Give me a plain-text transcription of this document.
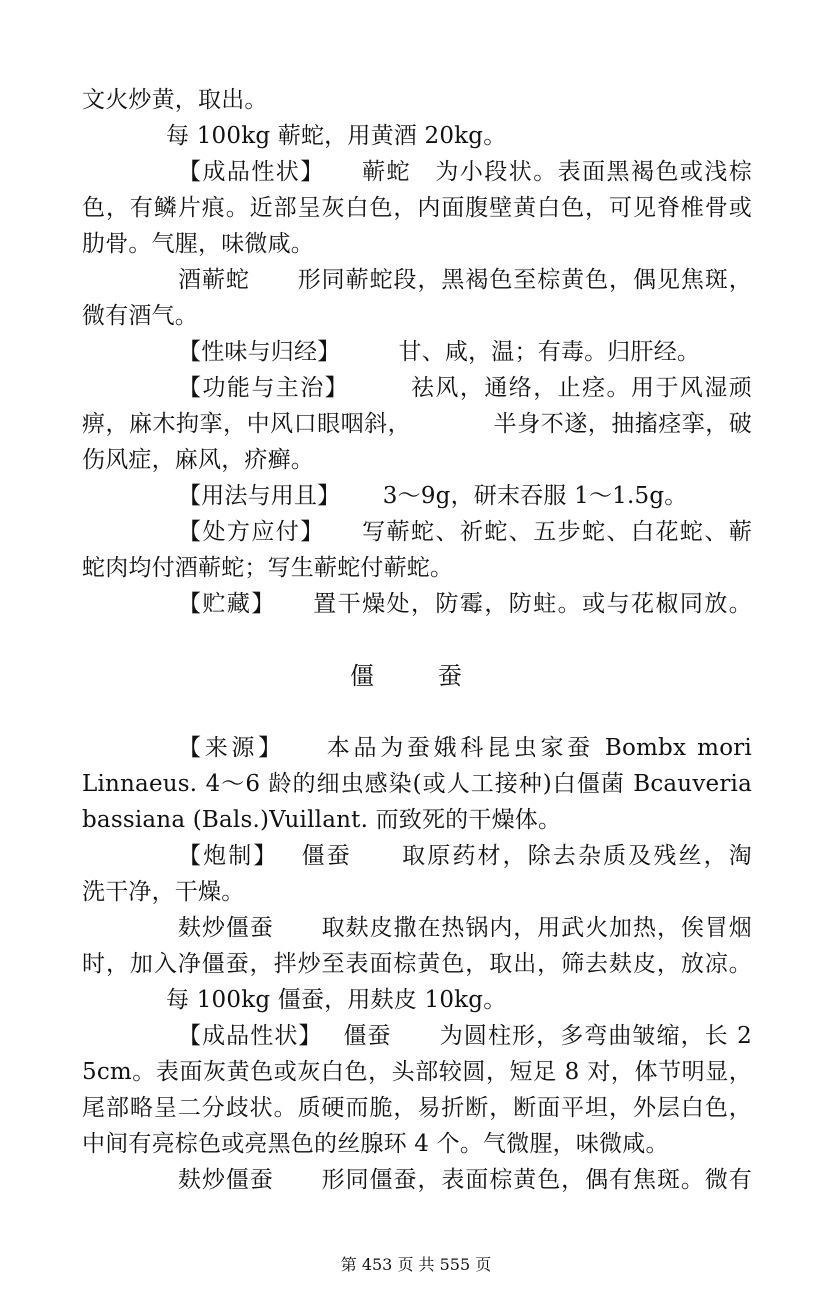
文火炒黄，取出。
每 100kg 蕲蛇，用黄酒 20kg。
【成品性状】　　蕲蛇　为小段状。表面黑褐色或浅棕
色，有鳞片痕。近部呈灰白色，内面腹壁黄白色，可见脊椎骨或
肋骨。气腥，味微咸。
酒蕲蛇　　形同蕲蛇段，黑褐色至棕黄色，偶见焦斑，
微有酒气。
【性味与归经】　　　甘、咸，温；有毒。归肝经。
【功能与主治】　　　祛风，通络，止痉。用于风湿顽
痹，麻木拘挛，中风口眼咽斜，　　　　半身不遂，抽搐痉挛，破
伤风症，麻风，疥癣。
【用法与用且】　　 3～9g，研末吞服 1～1.5g。
【处方应付】　　写蕲蛇、祈蛇、五步蛇、白花蛇、蕲
蛇肉均付酒蕲蛇；写生蕲蛇付蕲蛇。
【贮藏】　　置干燥处，防霉，防蛀。或与花椒同放。
僵　蚕
【来源】　　本品为蚕娥科昆虫家蚕 Bombx mori
Linnaeus. 4～6 龄的细虫感染(或人工接种)白僵菌 Bcauveria
bassiana (Bals.)Vuillant. 而致死的干燥体。
【炮制】　 僵蚕　　取原药材，除去杂质及残丝，淘
洗干净，干燥。
麸炒僵蚕　　取麸皮撒在热锅内，用武火加热，俟冒烟
时，加入净僵蚕，拌炒至表面棕黄色，取出，筛去麸皮，放凉。
每 100kg 僵蚕，用麸皮 10kg。
【成品性状】　 僵蚕　　为圆柱形，多弯曲皱缩，长 2
5cm。表面灰黄色或灰白色，头部较圆，短足 8 对，体节明显，
尾部略呈二分歧状。质硬而脆，易折断，断面平坦，外层白色，
中间有亮棕色或亮黑色的丝腺环 4 个。气微腥，味微咸。
麸炒僵蚕　　形同僵蚕，表面棕黄色，偶有焦斑。微有
第 453 页 共 555 页
